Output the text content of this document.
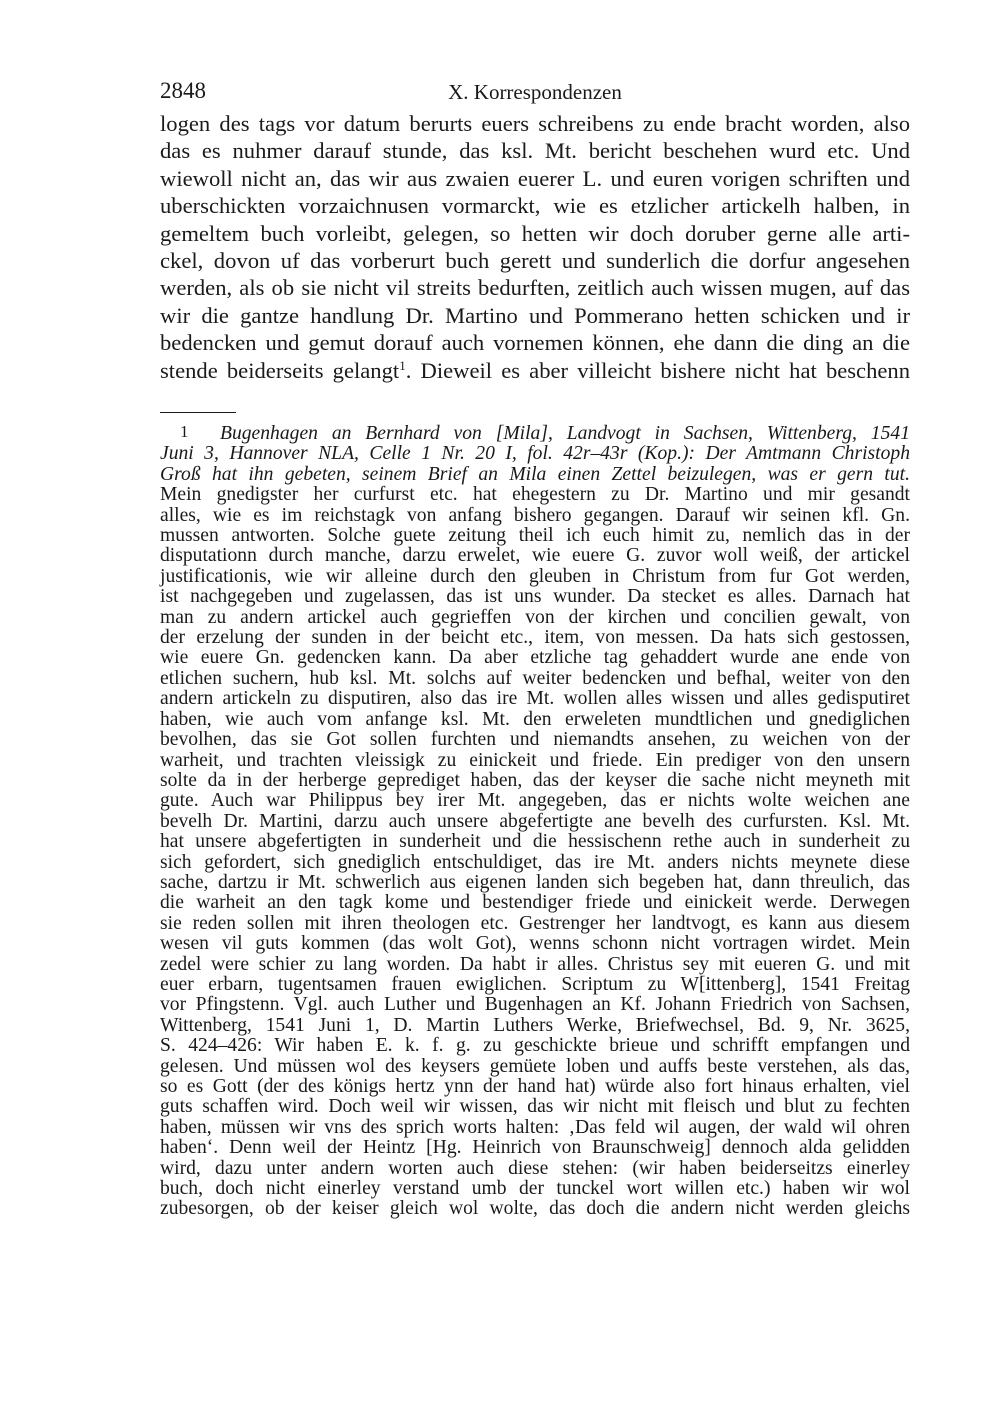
2848	X. Korrespondenzen

logen des tags vor datum berurts euers schreibens zu ende bracht worden, also
das es nuhmer darauf stunde, das ksl. Mt. bericht beschehen wurd etc. Und
wiewoll nicht an, das wir aus zwaien euerer L. und euren vorigen schriften und
uberschickten vorzaichnusen vormarckt, wie es etzlicher artickelh halben, in
gemeltem buch vorleibt, gelegen, so hetten wir doch doruber gerne alle arti-
ckel, dovon uf das vorberurt buch gerett und sunderlich die dorfur angesehen
werden, als ob sie nicht vil streits bedurften, zeitlich auch wissen mugen, auf das
wir die gantze handlung Dr. Martino und Pommerano hetten schicken und ir
bedencken und gemut dorauf auch vornemen können, ehe dann die ding an die
stende beiderseits gelangt$^1$. Dieweil es aber villeicht bishere nicht hat beschenn

1 Bugenhagen an Bernhard von [Mila], Landvogt in Sachsen, Wittenberg, 1541
Juni 3, Hannover NLA, Celle 1 Nr. 20 I, fol. 42r–43r (Kop.): Der Amtmann Christoph
Groß hat ihn gebeten, seinem Brief an Mila einen Zettel beizulegen, was er gern tut.
Mein gnedigster her curfurst etc. hat ehegestern zu Dr. Martino und mir gesandt
alles, wie es im reichstagk von anfang bishero gegangen. Darauf wir seinen kfl. Gn.
mussen antworten. Solche guete zeitung theil ich euch himit zu, nemlich das in der
disputationn durch manche, darzu erwelet, wie euere G. zuvor woll weiß, der artickel
justificationis, wie wir alleine durch den gleuben in Christum from fur Got werden,
ist nachgegeben und zugelassen, das ist uns wunder. Da stecket es alles. Darnach hat
man zu andern artickel auch gegrieffen von der kirchen und concilien gewalt, von
der erzelung der sunden in der beicht etc., item, von messen. Da hats sich gestossen,
wie euere Gn. gedencken kann. Da aber etzliche tag gehaddert wurde ane ende von
etlichen suchern, hub ksl. Mt. solchs auf weiter bedencken und befhal, weiter von den
andern artickeln zu disputiren, also das ire Mt. wollen alles wissen und alles gedisputiret
haben, wie auch vom anfange ksl. Mt. den erweleten mundtlichen und gnediglichen
bevolhen, das sie Got sollen furchten und niemandts ansehen, zu weichen von der
warheit, und trachten vleissigk zu einickeit und friede. Ein prediger von den unsern
solte da in der herberge geprediget haben, das der keyser die sache nicht meyneth mit
gute. Auch war Philippus bey irer Mt. angegeben, das er nichts wolte weichen ane
bevelh Dr. Martini, darzu auch unsere abgefertigte ane bevelh des curfursten. Ksl. Mt.
hat unsere abgefertigten in sunderheit und die hessischenn rethe auch in sunderheit zu
sich gefordert, sich gnediglich entschuldiget, das ire Mt. anders nichts meynete diese
sache, dartzu ir Mt. schwerlich aus eigenen landen sich begeben hat, dann threulich, das
die warheit an den tagk kome und bestendiger friede und einickeit werde. Derwegen
sie reden sollen mit ihren theologen etc. Gestrenger her landtvogt, es kann aus diesem
wesen vil guts kommen (das wolt Got), wenns schonn nicht vortragen wirdet. Mein
zedel were schier zu lang worden. Da habt ir alles. Christus sey mit eueren G. und mit
euer erbarn, tugentsamen frauen ewiglichen. Scriptum zu W[ittenberg], 1541 Freitag
vor Pfingstenn. Vgl. auch Luther und Bugenhagen an Kf. Johann Friedrich von Sachsen,
Wittenberg, 1541 Juni 1, D. Martin Luthers Werke, Briefwechsel, Bd. 9, Nr. 3625,
S. 424–426: Wir haben E. k. f. g. zu geschickte brieue und schrifft empfangen und
gelesen. Und müssen wol des keysers gemüete loben und auffs beste verstehen, als das,
so es Gott (der des königs hertz ynn der hand hat) würde also fort hinaus erhalten, viel
guts schaffen wird. Doch weil wir wissen, das wir nicht mit fleisch und blut zu fechten
haben, müssen wir vns des sprich worts halten: ‚Das feld wil augen, der wald wil ohren
haben‘. Denn weil der Heintz [Hg. Heinrich von Braunschweig] dennoch alda gelidden
wird, dazu unter andern worten auch diese stehen: (wir haben beiderseitzs einerley
buch, doch nicht einerley verstand umb der tunckel wort willen etc.) haben wir wol
zubesorgen, ob der keiser gleich wol wolte, das doch die andern nicht werden gleichs
